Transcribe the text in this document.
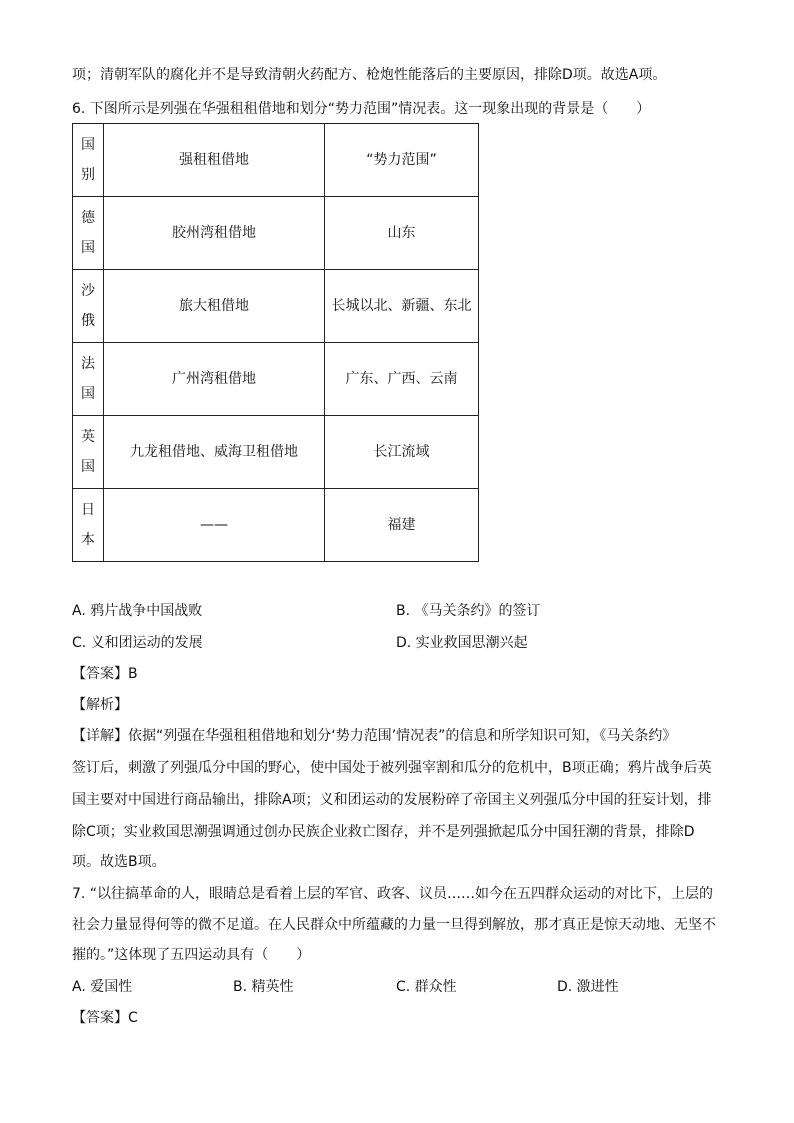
项；清朝军队的腐化并不是导致清朝火药配方、枪炮性能落后的主要原因，排除D项。故选A项。
6. 下图所示是列强在华强租租借地和划分“势力范围”情况表。这一现象出现的背景是（　　）
国
别	强租租借地	“势力范围”
德
国	胶州湾租借地	山东
沙
俄	旅大租借地	长城以北、新疆、东北
法
国	广州湾租借地	广东、广西、云南
英
国	九龙租借地、威海卫租借地	长江流域
日
本	——	福建
A. 鸦片战争中国战败	B. 《马关条约》的签订
C. 义和团运动的发展	D. 实业救国思潮兴起
【答案】B
【解析】
【详解】依据“列强在华强租租借地和划分‘势力范围’情况表”的信息和所学知识可知，《马关条约》
签订后，刺激了列强瓜分中国的野心，使中国处于被列强宰割和瓜分的危机中，B项正确；鸦片战争后英
国主要对中国进行商品输出，排除A项；义和团运动的发展粉碎了帝国主义列强瓜分中国的狂妄计划，排
除C项；实业救国思潮强调通过创办民族企业救亡图存，并不是列强掀起瓜分中国狂潮的背景，排除D
项。故选B项。
7. “以往搞革命的人，眼睛总是看着上层的军官、政客、议员……如今在五四群众运动的对比下，上层的
社会力量显得何等的微不足道。在人民群众中所蕴藏的力量一旦得到解放，那才真正是惊天动地、无坚不
摧的。”这体现了五四运动具有（　　）
A. 爱国性	B. 精英性	C. 群众性	D. 激进性
【答案】C
